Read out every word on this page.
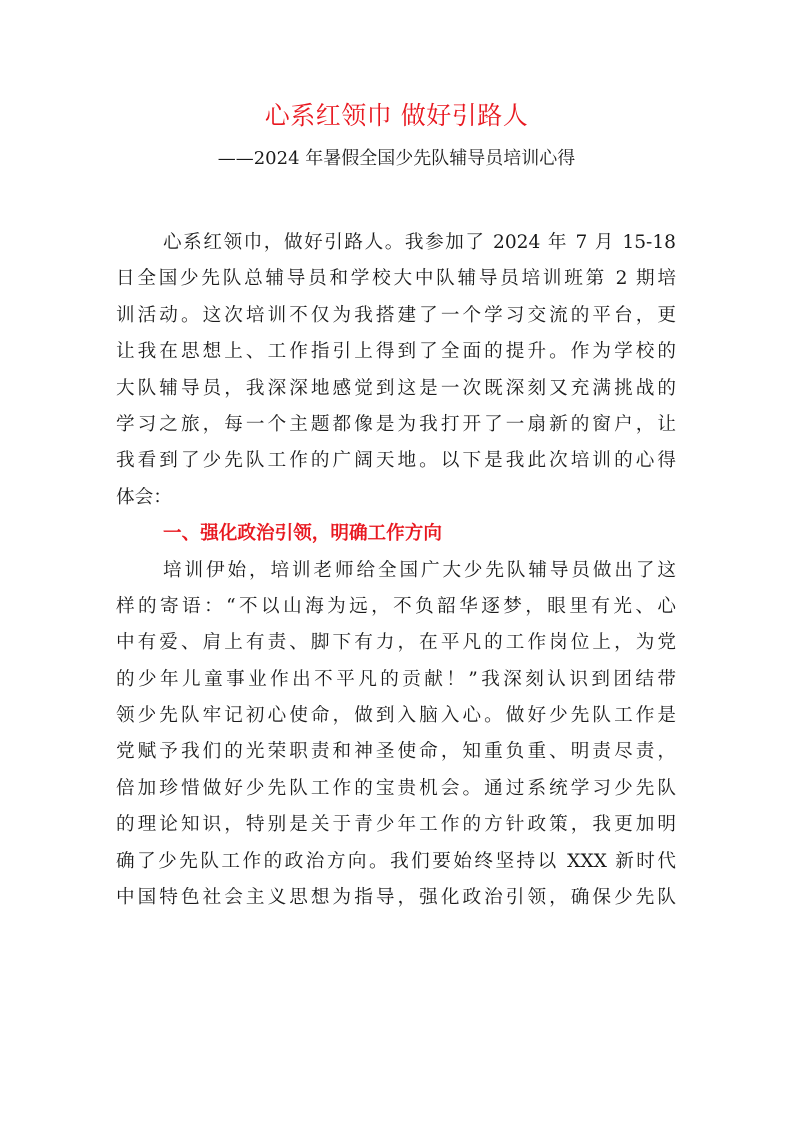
心系红领巾 做好引路人
——2024 年暑假全国少先队辅导员培训心得
心系红领巾，做好引路人。我参加了 2024 年 7 月 15-18
日全国少先队总辅导员和学校大中队辅导员培训班第 2 期培
训活动。这次培训不仅为我搭建了一个学习交流的平台，更
让我在思想上、工作指引上得到了全面的提升。作为学校的
大队辅导员，我深深地感觉到这是一次既深刻又充满挑战的
学习之旅，每一个主题都像是为我打开了一扇新的窗户，让
我看到了少先队工作的广阔天地。以下是我此次培训的心得
体会：
一、强化政治引领，明确工作方向
培训伊始，培训老师给全国广大少先队辅导员做出了这
样的寄语：“不以山海为远，不负韶华逐梦，眼里有光、心
中有爱、肩上有责、脚下有力，在平凡的工作岗位上，为党
的少年儿童事业作出不平凡的贡献！”我深刻认识到团结带
领少先队牢记初心使命，做到入脑入心。做好少先队工作是
党赋予我们的光荣职责和神圣使命，知重负重、明责尽责，
倍加珍惜做好少先队工作的宝贵机会。通过系统学习少先队
的理论知识，特别是关于青少年工作的方针政策，我更加明
确了少先队工作的政治方向。我们要始终坚持以 XXX 新时代
中国特色社会主义思想为指导，强化政治引领，确保少先队
